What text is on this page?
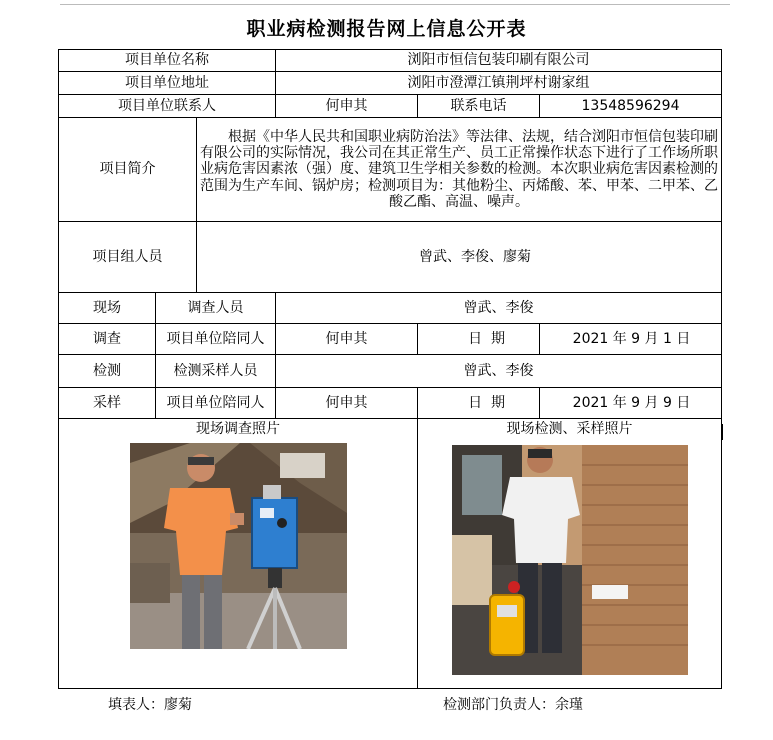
职业病检测报告网上信息公开表
项目单位名称			浏阳市恒信包装印刷有限公司		
项目单位地址			浏阳市澄潭江镇荆坪村谢家组		
项目单位联系人			何申其	联系电话	13548596294
项目简介		根据《中华人民共和国职业病防治法》等法律、法规，结合浏阳市恒信包装印刷有限公司的实际情况，我公司在其正常生产、员工正常操作状态下进行了工作场所职业病危害因素浓（强）度、建筑卫生学相关参数的检测。本次职业病危害因素检测的范围为生产车间、锅炉房；检测项目为：其他粉尘、丙烯酸、苯、甲苯、二甲苯、乙酸乙酯、高温、噪声。			
项目组人员		曾武、李俊、廖菊			
现场	调查人员		曾武、李俊		
调查	项目单位陪同人		何申其	日  期	2021 年 9 月 1 日
检测	检测采样人员		曾武、李俊		
采样	项目单位陪同人		何申其	日  期	2021 年 9 月 9 日

现场调查照片				现场检测、采样照片	
填表人：廖菊	检测部门负责人：余瑾
